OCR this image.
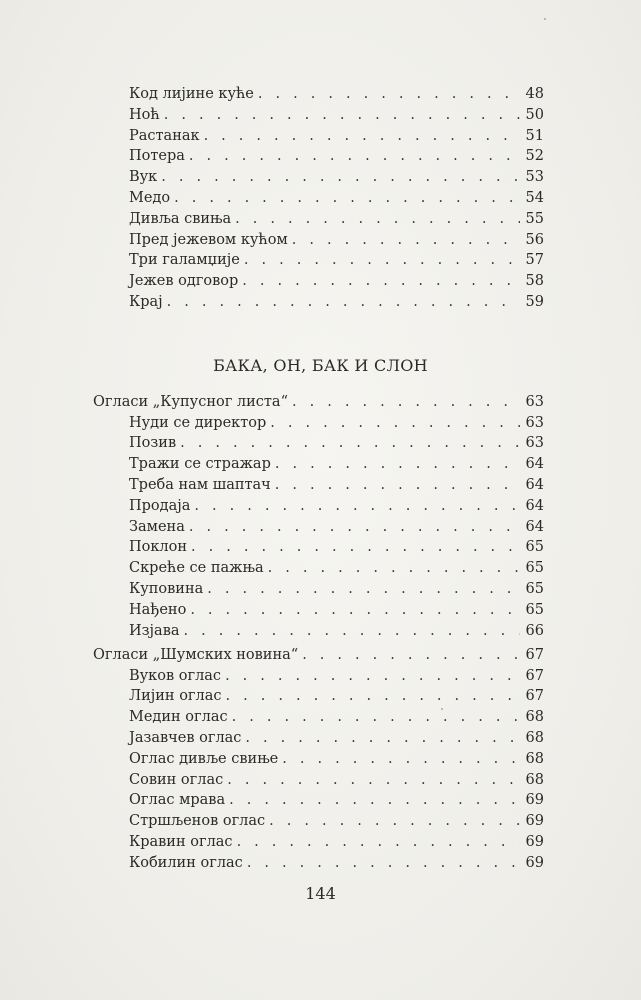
Код лијине куће . . .	48
Ноћ . . .	50
Растанак . . .	51
Потера . . .	52
Вук . . .	53
Медо . . .	54
Дивља свиња . . .	55
Пред јежевом кућом . . .	56
Три галамџије . . .	57
Јежев одговор . . .	58
Крај . . .	59
Огласи „Купусног листа“ . . .	63
Нуди се директор . . .	63
Позив . . .	63
Тражи се стражар . . .	64
Треба нам шаптач . . .	64
Продаја . . .	64
Замена . . .	64
Поклон . . .	65
Скреће се пажња . . .	65
Куповина . . .	65
Нађено . . .	65
Изјава . . .	66
Огласи „Шумских новина“ . . .	67
Вуков оглас . . .	67
Лијин оглас . . .	67
Медин оглас . . .	68
Јазавчев оглас . . .	68
Оглас дивље свиње . . .	68
Совин оглас . . .	68
Оглас мрава . . .	69
Стршљенов оглас . . .	69
Кравин оглас . . .	69
Кобилин оглас . . .	69
БАКА, ОН, БАК И СЛОН
144
